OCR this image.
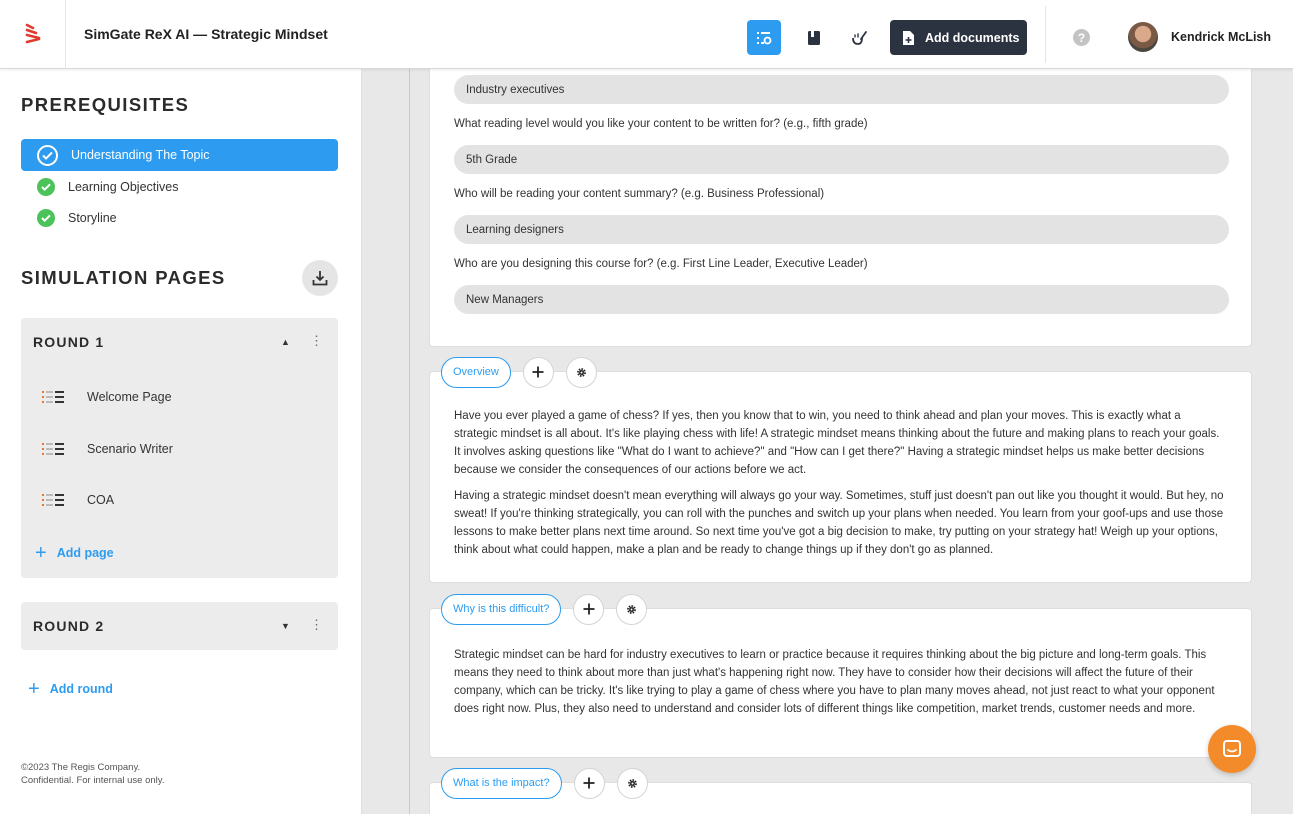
SimGate ReX AI — Strategic Mindset	Add documents	?	Kendrick McLish
PREREQUISITES
Understanding The Topic
Learning Objectives
Storyline
SIMULATION PAGES
ROUND 1	▲ ⋮
Welcome Page
Scenario Writer
COA
+ Add page
ROUND 2	▼ ⋮
+ Add round
©2023 The Regis Company.
Confidential. For internal use only.
Industry executives
What reading level would you like your content to be written for? (e.g., fifth grade)
5th Grade
Who will be reading your content summary? (e.g. Business Professional)
Learning designers
Who are you designing this course for? (e.g. First Line Leader, Executive Leader)
New Managers
Overview

Have you ever played a game of chess? If yes, then you know that to win, you need to think ahead and plan your moves. This is exactly what a strategic mindset is all about. It's like playing chess with life! A strategic mindset means thinking about the future and making plans to reach your goals. It involves asking questions like "What do I want to achieve?" and "How can I get there?" Having a strategic mindset helps us make better decisions because we consider the consequences of our actions before we act.

Having a strategic mindset doesn't mean everything will always go your way. Sometimes, stuff just doesn't pan out like you thought it would. But hey, no sweat! If you're thinking strategically, you can roll with the punches and switch up your plans when needed. You learn from your goof-ups and use those lessons to make better plans next time around. So next time you've got a big decision to make, try putting on your strategy hat! Weigh up your options, think about what could happen, make a plan and be ready to change things up if they don't go as planned.

Why is this difficult?

Strategic mindset can be hard for industry executives to learn or practice because it requires thinking about the big picture and long-term goals. This means they need to think about more than just what's happening right now. They have to consider how their decisions will affect the future of their company, which can be tricky. It's like trying to play a game of chess where you have to plan many moves ahead, not just react to what your opponent does right now. Plus, they also need to understand and consider lots of different things like competition, market trends, customer needs and more.

What is the impact?
